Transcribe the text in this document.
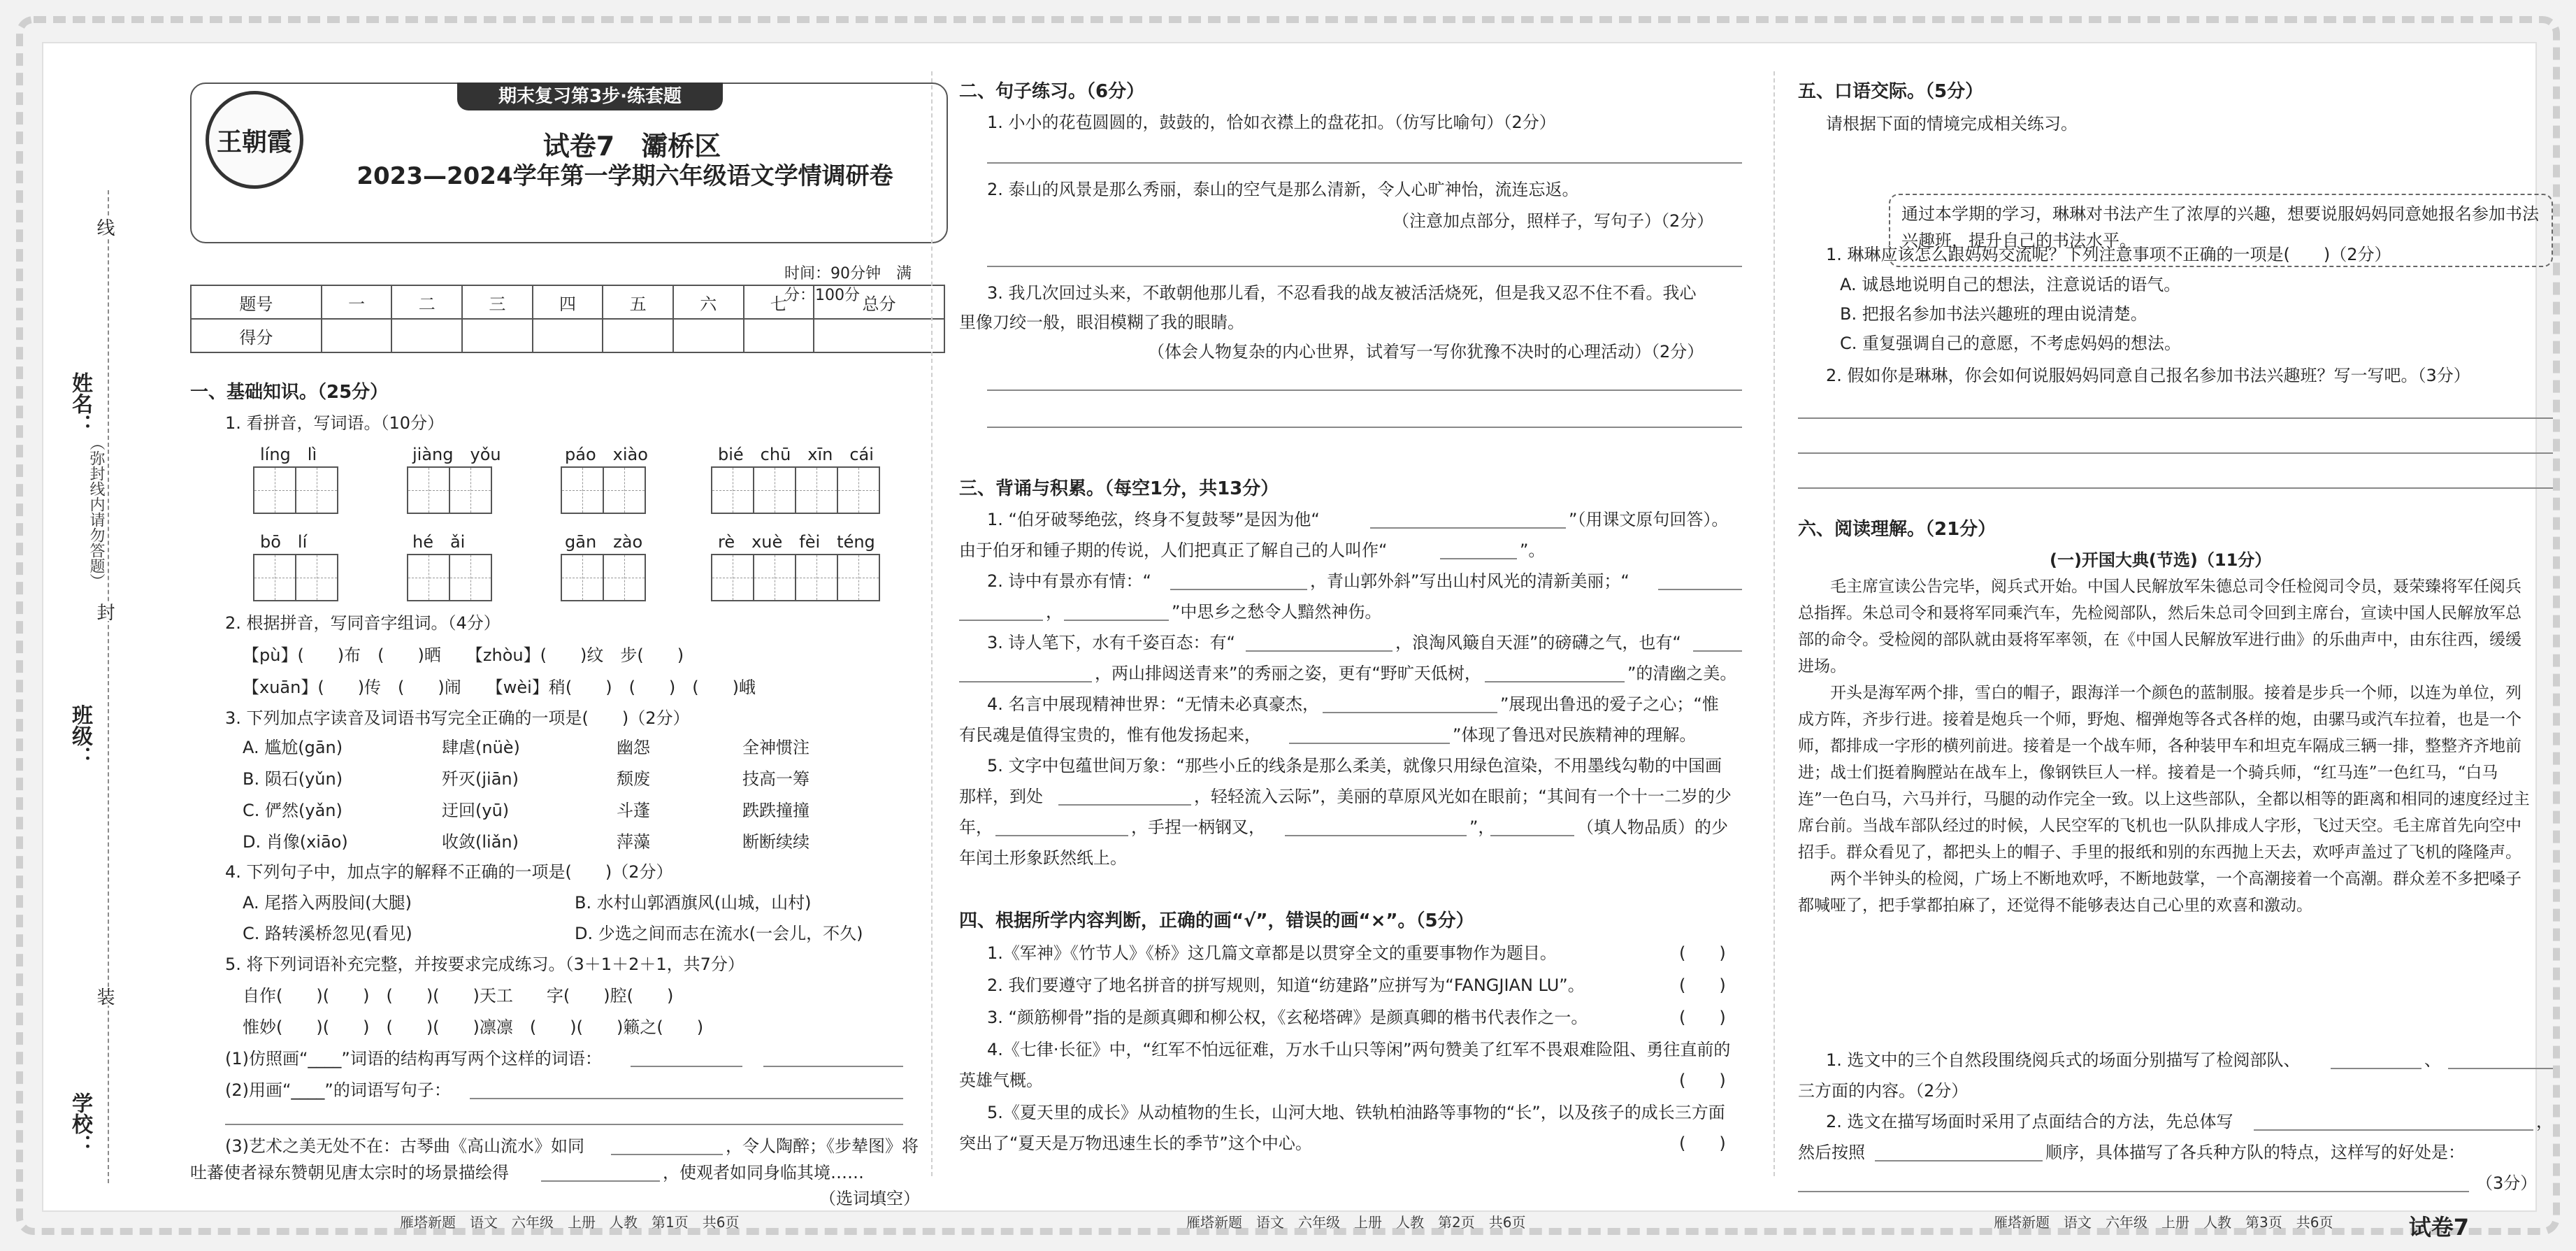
姓名：
班级：
学校：
线
封
装
（弥封线内请勿答题）
王朝霞
期末复习第3步·练套题
试卷7　灞桥区
2023—2024学年第一学期六年级语文学情调研卷
时间：90分钟　满分：100分
题号	一	二	三	四	五	六	七	总分
得分								
一、基础知识。（25分）
1. 看拼音，写词语。（10分）
líng　lì	jiàng　yǒu	páo　xiào	bié　chū　xīn　cái
bō　lí	hé　ǎi	gān　zào	rè　xuè　fèi　téng
2. 根据拼音，写同音字组词。（4分）
【pù】(　　)布　(　　)晒　　【zhòu】(　　)纹　步(　　)
【xuān】(　　)传　(　　)闹　　【wèi】稍(　　)　(　　)　(　　)峨
3. 下列加点字读音及词语书写完全正确的一项是(　　)（2分）
A. 尴尬(gān)	肆虐(nüè)	幽怨	全神惯注
B. 陨石(yǔn)	歼灭(jiān)	颓废	技高一筹
C. 俨然(yǎn)	迂回(yū)	斗蓬	跌跌撞撞
D. 肖像(xiāo)	收敛(liǎn)	萍藻	断断续续
4. 下列句子中，加点字的解释不正确的一项是(　　)（2分）
A. 尾搭入两股间(大腿)	B. 水村山郭酒旗风(山城，山村)
C. 路转溪桥忽见(看见)	D. 少选之间而志在流水(一会儿，不久)
5. 将下列词语补充完整，并按要求完成练习。（3＋1＋2＋1，共7分）
自作(　　)(　　)　(　　)(　　)天工　　字(　　)腔(　　)
惟妙(　　)(　　)　(　　)(　　)凛凛　(　　)(　　)籁之(　　)
(1)仿照画“____”词语的结构再写两个这样的词语：
(2)用画“____”的词语写句子：
(3)艺术之美无处不在：古琴曲《高山流水》如同	，令人陶醉；《步辇图》将
吐蕃使者禄东赞朝见唐太宗时的场景描绘得	，使观者如同身临其境……
（选词填空）
雁塔新题　语文　六年级　上册　人教　第1页　共6页
二、句子练习。（6分）
1. 小小的花苞圆圆的，鼓鼓的，恰如衣襟上的盘花扣。（仿写比喻句）（2分）
2. 泰山的风景是那么秀丽，泰山的空气是那么清新，令人心旷神怡，流连忘返。
（注意加点部分，照样子，写句子）（2分）
3. 我几次回过头来，不敢朝他那儿看，不忍看我的战友被活活烧死，但是我又忍不住不看。我心
里像刀绞一般，眼泪模糊了我的眼睛。
（体会人物复杂的内心世界，试着写一写你犹豫不决时的心理活动）（2分）
三、背诵与积累。（每空1分，共13分）
1. “伯牙破琴绝弦，终身不复鼓琴”是因为他“	”（用课文原句回答）。
由于伯牙和锺子期的传说，人们把真正了解自己的人叫作“	”。
2. 诗中有景亦有情：“	，青山郭外斜”写出山村风光的清新美丽；“
，	”中思乡之愁令人黯然神伤。
3. 诗人笔下，水有千姿百态：有“	，浪淘风簸自天涯”的磅礴之气，也有“
，两山排闼送青来”的秀丽之姿，更有“野旷天低树，	”的清幽之美。
4. 名言中展现精神世界：“无情未必真豪杰，	”展现出鲁迅的爱子之心；“惟
有民魂是值得宝贵的，惟有他发扬起来，	”体现了鲁迅对民族精神的理解。
5. 文字中包蕴世间万象：“那些小丘的线条是那么柔美，就像只用绿色渲染，不用墨线勾勒的中国画
那样，到处	，轻轻流入云际”，美丽的草原风光如在眼前；“其间有一个十一二岁的少
年，	，手捏一柄钢叉，	”，	（填人物品质）的少
年闰土形象跃然纸上。
四、根据所学内容判断，正确的画“√”，错误的画“×”。（5分）
1.《军神》《竹节人》《桥》这几篇文章都是以贯穿全文的重要事物作为题目。	(　　)
2. 我们要遵守了地名拼音的拼写规则，知道“纺建路”应拼写为“FANGJIAN LU”。	(　　)
3. “颜筋柳骨”指的是颜真卿和柳公权，《玄秘塔碑》是颜真卿的楷书代表作之一。	(　　)
4.《七律·长征》中，“红军不怕远征难，万水千山只等闲”两句赞美了红军不畏艰难险阻、勇往直前的
英雄气概。	(　　)
5.《夏天里的成长》从动植物的生长，山河大地、铁轨柏油路等事物的“长”，以及孩子的成长三方面
突出了“夏天是万物迅速生长的季节”这个中心。	(　　)
雁塔新题　语文　六年级　上册　人教　第2页　共6页
五、口语交际。（5分）
请根据下面的情境完成相关练习。
通过本学期的学习，琳琳对书法产生了浓厚的兴趣，想要说服妈妈同意她报名参加书法兴趣班，提升自己的书法水平。
1. 琳琳应该怎么跟妈妈交流呢？下列注意事项不正确的一项是(　　)（2分）
A. 诚恳地说明自己的想法，注意说话的语气。
B. 把报名参加书法兴趣班的理由说清楚。
C. 重复强调自己的意愿，不考虑妈妈的想法。
2. 假如你是琳琳，你会如何说服妈妈同意自己报名参加书法兴趣班？写一写吧。（3分）
六、阅读理解。（21分）
(一)开国大典(节选)（11分）

毛主席宣读公告完毕，阅兵式开始。中国人民解放军朱德总司令任检阅司令员，聂荣臻将军任阅兵总指挥。朱总司令和聂将军同乘汽车，先检阅部队，然后朱总司令回到主席台，宣读中国人民解放军总部的命令。受检阅的部队就由聂将军率领，在《中国人民解放军进行曲》的乐曲声中，由东往西，缓缓进场。

开头是海军两个排，雪白的帽子，跟海洋一个颜色的蓝制服。接着是步兵一个师，以连为单位，列成方阵，齐步行进。接着是炮兵一个师，野炮、榴弹炮等各式各样的炮，由骡马或汽车拉着，也是一个师，都排成一字形的横列前进。接着是一个战车师，各种装甲车和坦克车隔成三辆一排，整整齐齐地前进；战士们挺着胸膛站在战车上，像钢铁巨人一样。接着是一个骑兵师，“红马连”一色红马，“白马连”一色白马，六马并行，马腿的动作完全一致。以上这些部队，全都以相等的距离和相同的速度经过主席台前。当战车部队经过的时候，人民空军的飞机也一队队排成人字形，飞过天空。毛主席首先向空中招手。群众看见了，都把头上的帽子、手里的报纸和别的东西抛上天去，欢呼声盖过了飞机的隆隆声。

两个半钟头的检阅，广场上不断地欢呼，不断地鼓掌，一个高潮接着一个高潮。群众差不多把嗓子都喊哑了，把手掌都拍麻了，还觉得不能够表达自己心里的欢喜和激动。

1. 选文中的三个自然段围绕阅兵式的场面分别描写了检阅部队、	、
三方面的内容。（2分）
2. 选文在描写场面时采用了点面结合的方法，先总体写	，
然后按照	顺序，具体描写了各兵种方队的特点，这样写的好处是：
（3分）
雁塔新题　语文　六年级　上册　人教　第3页　共6页	试卷7
